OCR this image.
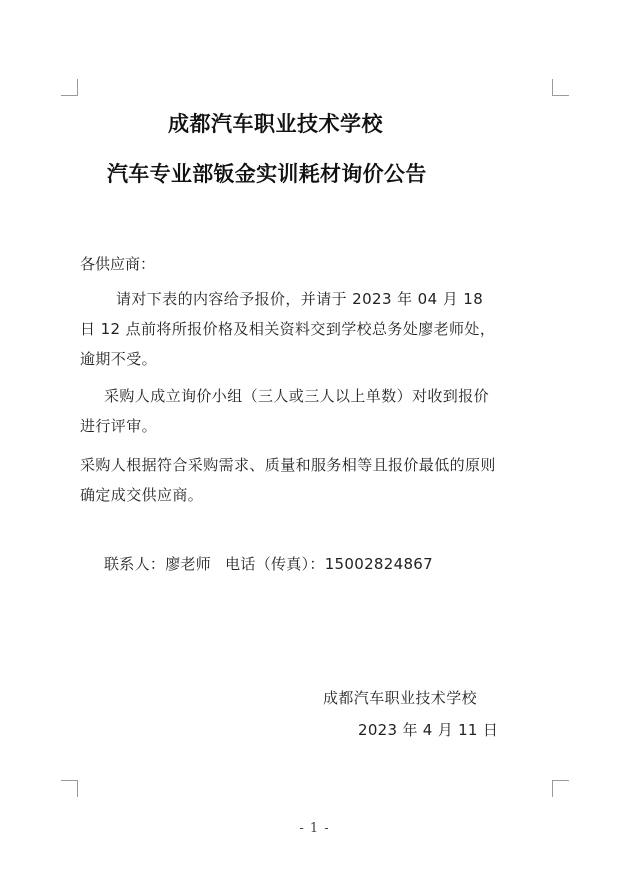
成都汽车职业技术学校
汽车专业部钣金实训耗材询价公告
各供应商：
请对下表的内容给予报价，并请于 2023 年 04 月 18 日 12 点前将所报价格及相关资料交到学校总务处廖老师处，逾期不受。
采购人成立询价小组（三人或三人以上单数）对收到报价进行评审。
采购人根据符合采购需求、质量和服务相等且报价最低的原则确定成交供应商。
联系人：廖老师 电话（传真）：15002824867
成都汽车职业技术学校
2023 年 4 月 11 日
- 1 -
